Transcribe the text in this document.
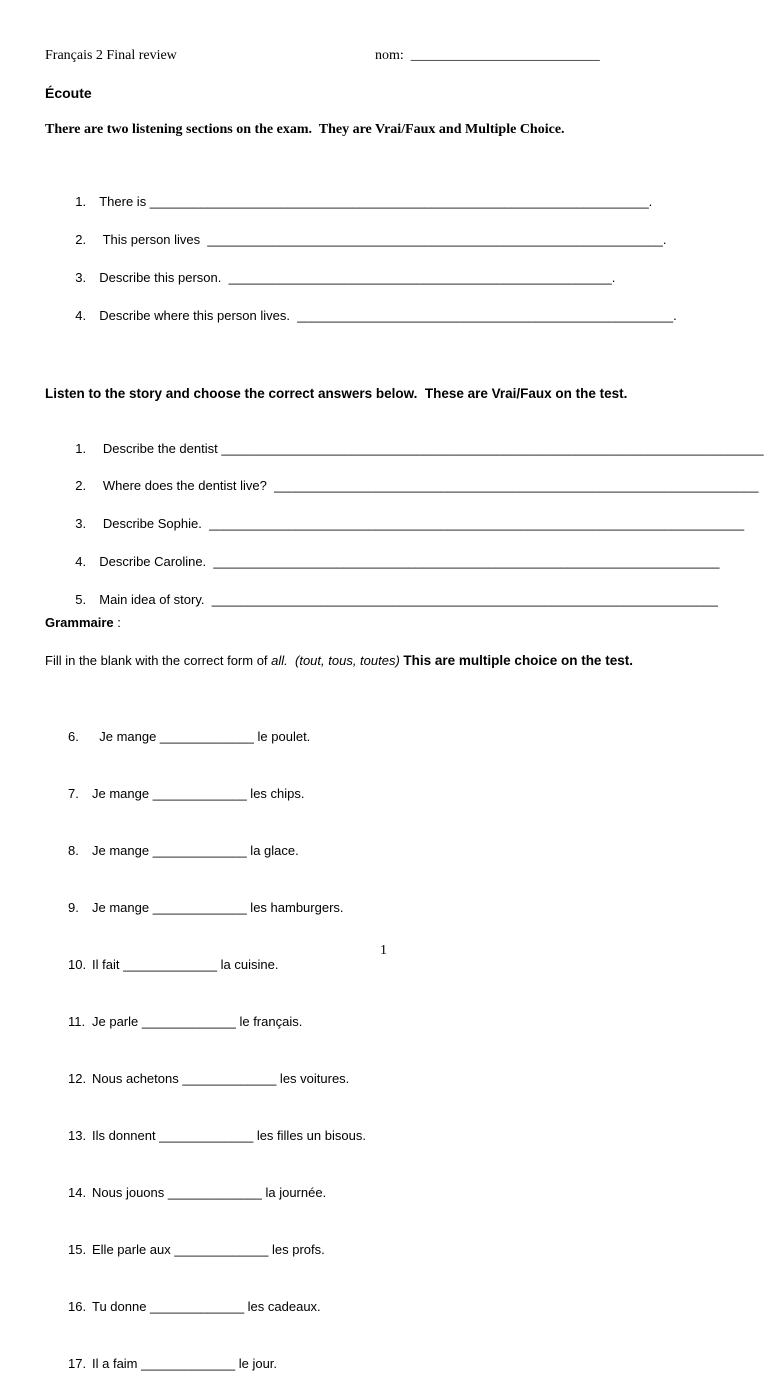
Français 2 Final review	nom:  ___________________________
Écoute
There are two listening sections on the exam.  They are Vrai/Faux and Multiple Choice.

1. There is _____________________________________________________________________.

2. This person lives  _______________________________________________________________.

3. Describe this person.  _____________________________________________________.

4. Describe where this person lives.  ____________________________________________________.

Listen to the story and choose the correct answers below.  These are Vrai/Faux on the test.

1. Describe the dentist ___________________________________________________________________________

2. Where does the dentist live?  ___________________________________________________________________

3. Describe Sophie.  __________________________________________________________________________

4. Describe Caroline.  ______________________________________________________________________

5. Main idea of story.  ______________________________________________________________________

Grammaire :
Fill in the blank with the correct form of all.  (tout, tous, toutes) This are multiple choice on the test.

6.  Je mange _____________ le poulet.

7. Je mange _____________ les chips.

8. Je mange _____________ la glace.

9. Je mange _____________ les hamburgers.

10. Il fait _____________ la cuisine.

11. Je parle _____________ le français.

12. Nous achetons _____________ les voitures.

13. Ils donnent _____________ les filles un bisous.

14. Nous jouons _____________ la journée.

15. Elle parle aux _____________ les profs.

16. Tu donne _____________ les cadeaux.

17. Il a faim _____________ le jour.

1
